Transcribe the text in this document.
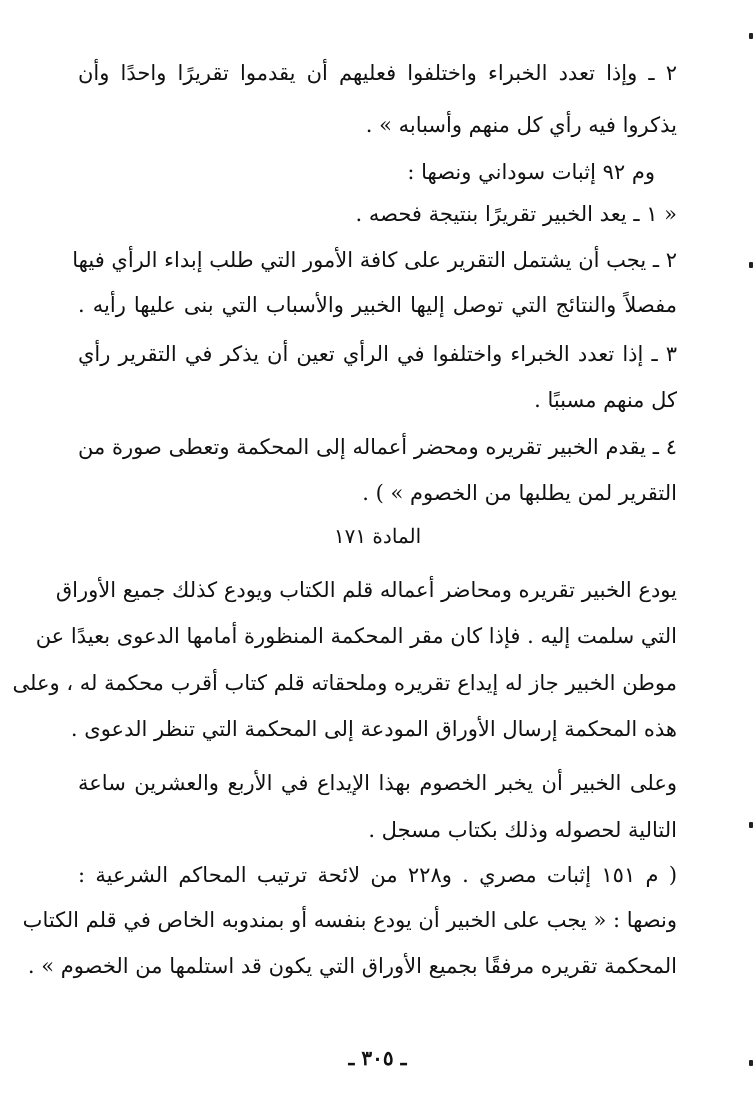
٢ ـ وإذا تعدد الخبراء واختلفوا فعليهم أن يقدموا تقريرًا واحدًا وأن
يذكروا فيه رأي كل منهم وأسبابه » .
وم ٩٢ إثبات سوداني ونصها :
« ١ ـ يعد الخبير تقريرًا بنتيجة فحصه .
٢ ـ يجب أن يشتمل التقرير على كافة الأمور التي طلب إبداء الرأي فيها
مفصلاً والنتائج التي توصل إليها الخبير والأسباب التي بنى عليها رأيه .
٣ ـ إذا تعدد الخبراء واختلفوا في الرأي تعين أن يذكر في التقرير رأي
كل منهم مسببًا .
٤ ـ يقدم الخبير تقريره ومحضر أعماله إلى المحكمة وتعطى صورة من
التقرير لمن يطلبها من الخصوم » ) .
المادة ١٧١
يودع الخبير تقريره ومحاضر أعماله قلم الكتاب ويودع كذلك جميع الأوراق
التي سلمت إليه . فإذا كان مقر المحكمة المنظورة أمامها الدعوى بعيدًا عن
موطن الخبير جاز له إيداع تقريره وملحقاته قلم كتاب أقرب محكمة له ، وعلى
هذه المحكمة إرسال الأوراق المودعة إلى المحكمة التي تنظر الدعوى .
وعلى الخبير أن يخبر الخصوم بهذا الإيداع في الأربع والعشرين ساعة
التالية لحصوله وذلك بكتاب مسجل .
( م ١٥١ إثبات مصري . و٢٢٨ من لائحة ترتيب المحاكم الشرعية :
ونصها : « يجب على الخبير أن يودع بنفسه أو بمندوبه الخاص في قلم الكتاب
المحكمة تقريره مرفقًا بجميع الأوراق التي يكون قد استلمها من الخصوم » .
ـ ٣٠٥ ـ
